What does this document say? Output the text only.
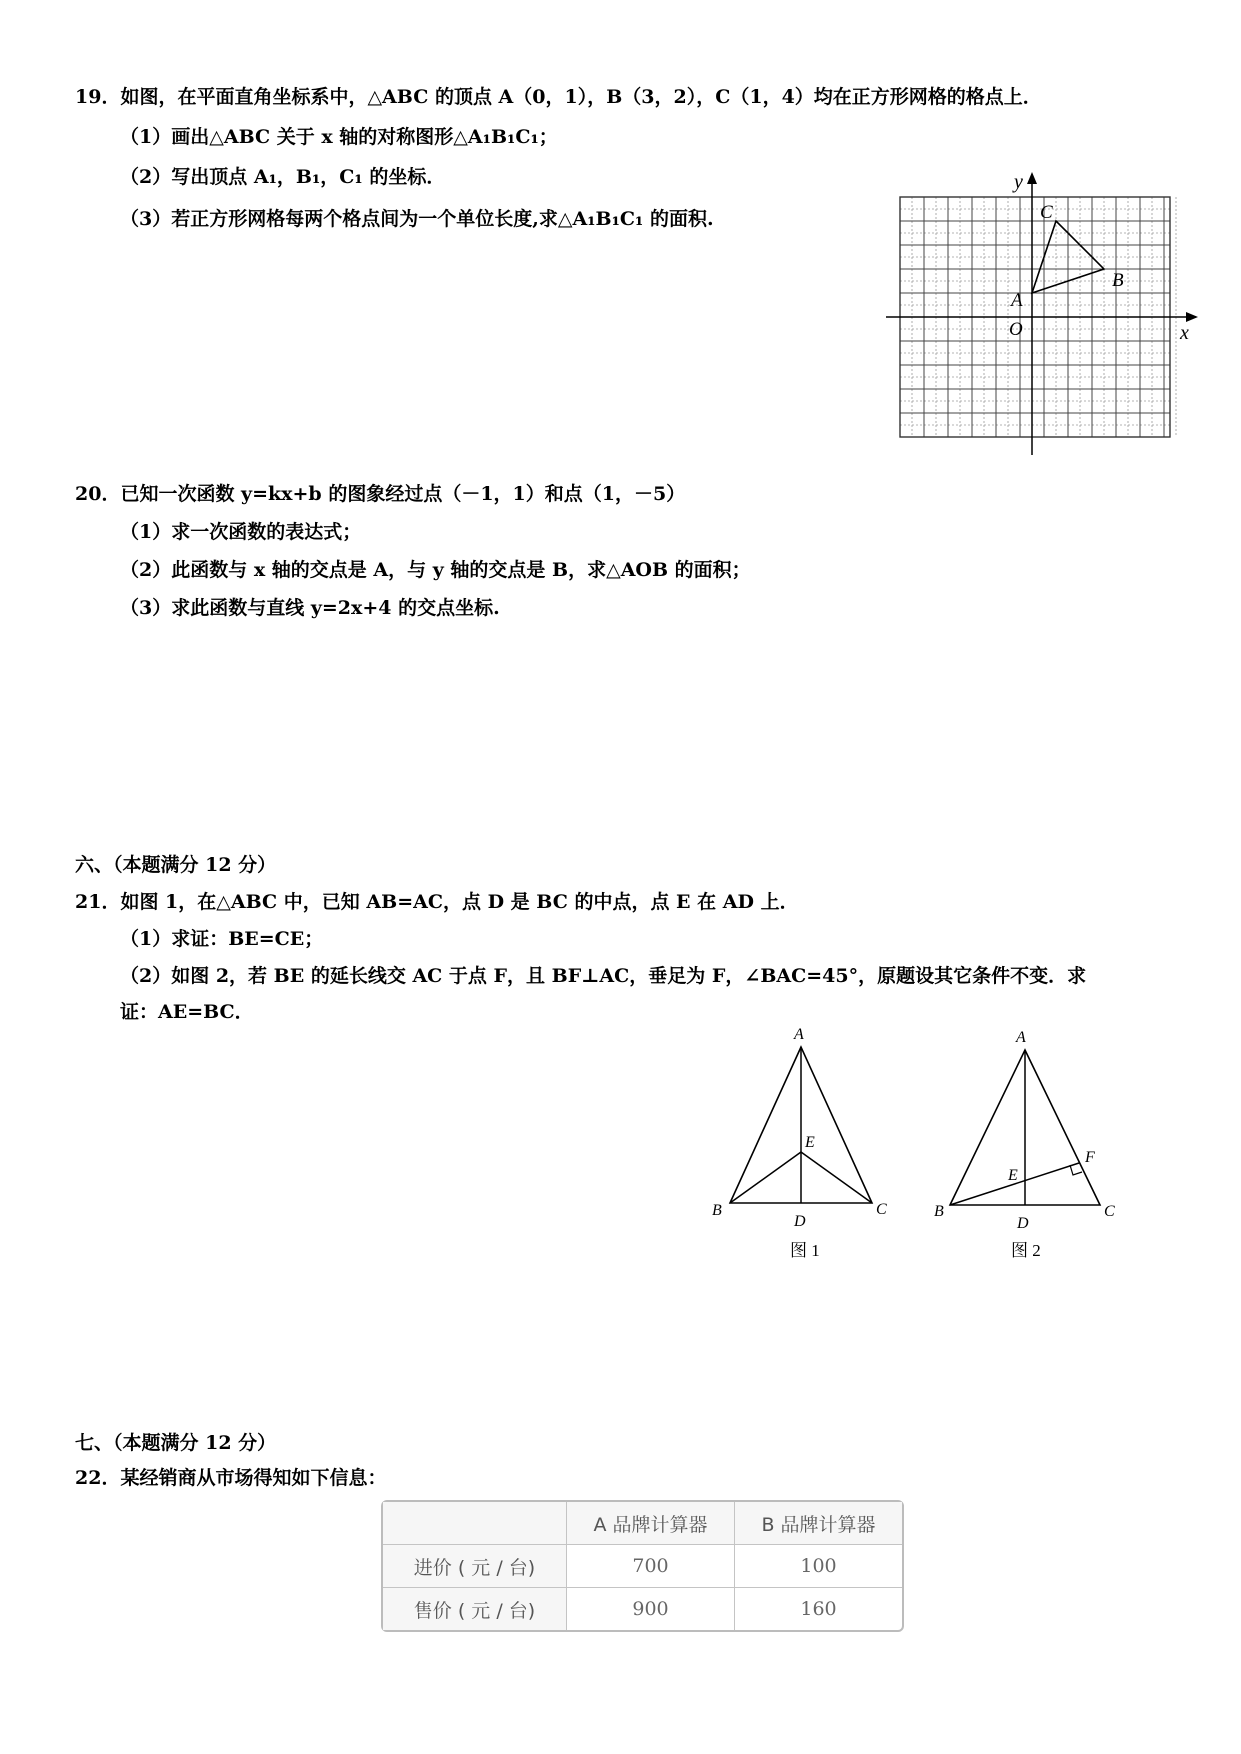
19．如图，在平面直角坐标系中，△ABC 的顶点 A（0，1），B（3，2），C（1，4）均在正方形网格的格点上．
（1）画出△ABC 关于 x 轴的对称图形△A₁B₁C₁；
（2）写出顶点 A₁，B₁，C₁ 的坐标．
（3）若正方形网格每两个格点间为一个单位长度,求△A₁B₁C₁ 的面积.
y
x
C
B
A
O
20．已知一次函数 y=kx+b 的图象经过点（－1，1）和点（1，－5）
（1）求一次函数的表达式；
（2）此函数与 x 轴的交点是 A，与 y 轴的交点是 B，求△AOB 的面积；
（3）求此函数与直线 y=2x+4 的交点坐标.
六、（本题满分 12 分）
21．如图 1，在△ABC 中，已知 AB=AC，点 D 是 BC 的中点，点 E 在 AD 上．
（1）求证：BE=CE；
（2）如图 2，若 BE 的延长线交 AC 于点 F，且 BF⊥AC，垂足为 F，∠BAC=45°，原题设其它条件不变．求
证：AE=BC．
A
B	C
D
E
图 1
A
B	C
D
E
F
图 2
七、（本题满分 12 分）
22．某经销商从市场得知如下信息：
	A 品牌计算器	B 品牌计算器
进价 ( 元 / 台)	700	100
售价 ( 元 / 台)	900	160
